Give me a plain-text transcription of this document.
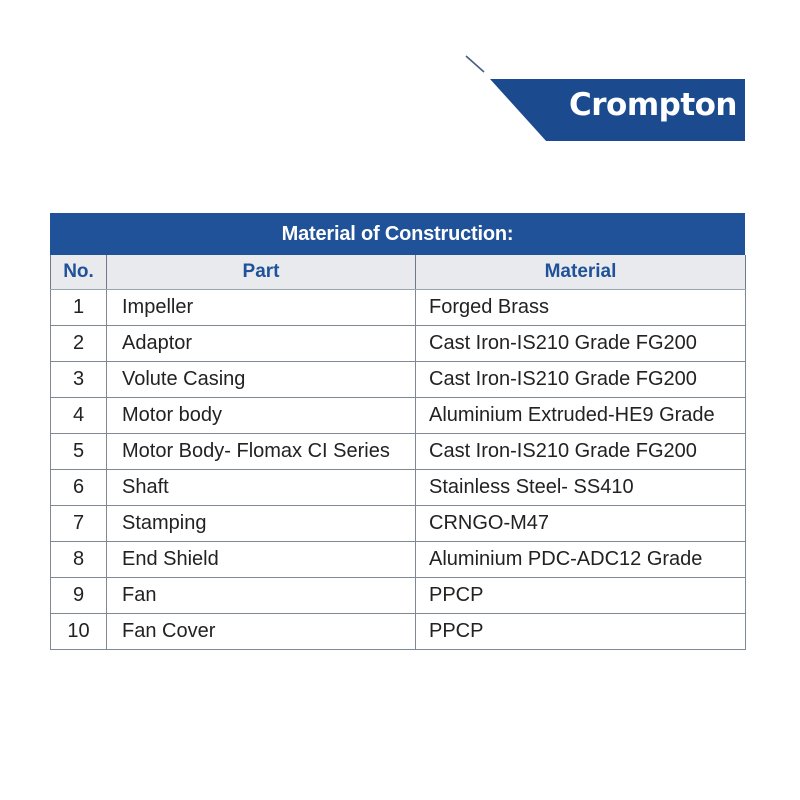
Crompton
Material of Construction:
No.	Part	Material
1	Impeller	Forged Brass
2	Adaptor	Cast Iron-IS210 Grade FG200
3	Volute Casing	Cast Iron-IS210 Grade FG200
4	Motor body	Aluminium Extruded-HE9 Grade
5	Motor Body- Flomax CI Series	Cast Iron-IS210 Grade FG200
6	Shaft	Stainless Steel- SS410
7	Stamping	CRNGO-M47
8	End Shield	Aluminium PDC-ADC12 Grade
9	Fan	PPCP
10	Fan Cover	PPCP
